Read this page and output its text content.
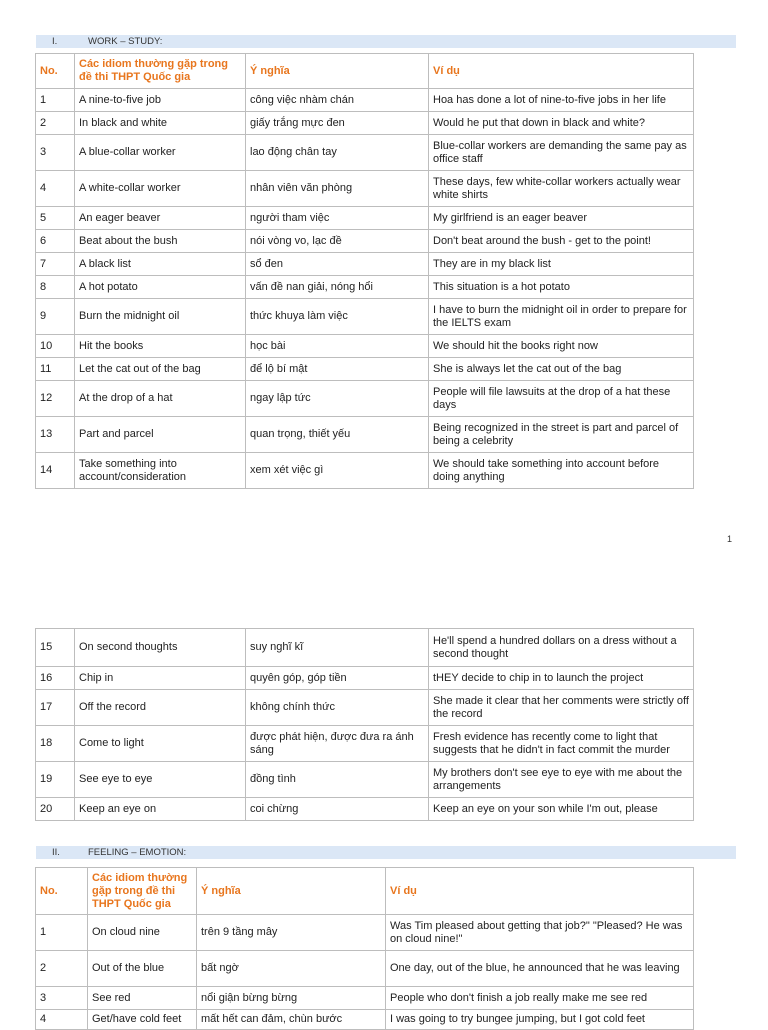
I.	WORK – STUDY:
No.	Các idiom thường gặp trong đề thi THPT Quốc gia	Ý nghĩa	Ví dụ
1	A nine-to-five job	công việc nhàm chán	Hoa has done a lot of nine-to-five jobs in her life
2	In black and white	giấy trắng mực đen	Would he put that down in black and white?
3	A blue-collar worker	lao động chân tay	Blue-collar workers are demanding the same pay as office staff
4	A white-collar worker	nhân viên văn phòng	These days, few white-collar workers actually wear white shirts
5	An eager beaver	người tham việc	My girlfriend is an eager beaver
6	Beat about the bush	nói vòng vo, lạc đề	Don't beat around the bush - get to the point!
7	A black list	sổ đen	They are in my black list
8	A hot potato	vấn đề nan giải, nóng hổi	This situation is a hot potato
9	Burn the midnight oil	thức khuya làm việc	I have to burn the midnight oil in order to prepare for the IELTS exam
10	Hit the books	học bài	We should hit the books right now
11	Let the cat out of the bag	để lộ bí mật	She is always let the cat out of the bag
12	At the drop of a hat	ngay lập tức	People will file lawsuits at the drop of a hat these days
13	Part and parcel	quan trọng, thiết yếu	Being recognized in the street is part and parcel of being a celebrity
14	Take something into account/consideration	xem xét việc gì	We should take something into account before doing anything
1
15	On second thoughts	suy nghĩ kĩ	He'll spend a hundred dollars on a dress without a second thought
16	Chip in	quyên góp, góp tiền	tHEY decide to chip in to launch the project
17	Off the record	không chính thức	She made it clear that her comments were strictly off the record
18	Come to light	được phát hiện, được đưa ra ánh sáng	Fresh evidence has recently come to light that suggests that he didn't in fact commit the murder
19	See eye to eye	đồng tình	My brothers don't see eye to eye with me about the arrangements
20	Keep an eye on	coi chừng	Keep an eye on your son while I'm out, please
II.	FEELING – EMOTION:
No.	Các idiom thường gặp trong đề thi THPT Quốc gia	Ý nghĩa	Ví dụ
1	On cloud nine	trên 9 tầng mây	Was Tim pleased about getting that job?" "Pleased? He was on cloud nine!"
2	Out of the blue	bất ngờ	One day, out of the blue, he announced that he was leaving
3	See red	nổi giận bừng bừng	People who don't finish a job really make me see red
4	Get/have cold feet	mất hết can đảm, chùn bước	I was going to try bungee jumping, but I got cold feet
